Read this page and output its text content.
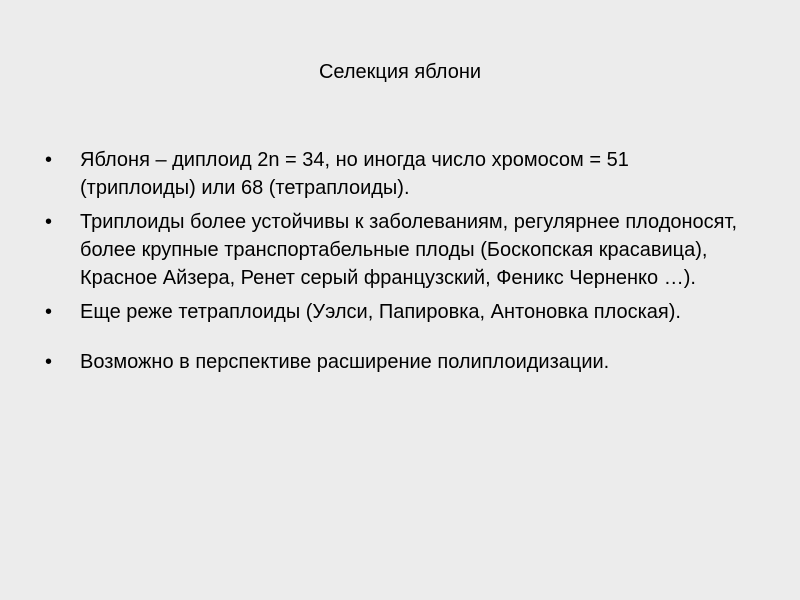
Селекция яблони
•	Яблоня – диплоид 2n = 34, но иногда число хромосом = 51 (триплоиды) или 68 (тетраплоиды).
•	Триплоиды более устойчивы к заболеваниям, регулярнее плодоносят, более крупные транспортабельные плоды (Боскопская красавица), Красное Айзера, Ренет серый французский, Феникс Черненко …).
•	Еще реже тетраплоиды (Уэлси, Папировка, Антоновка плоская).
•	Возможно в перспективе расширение полиплоидизации.
